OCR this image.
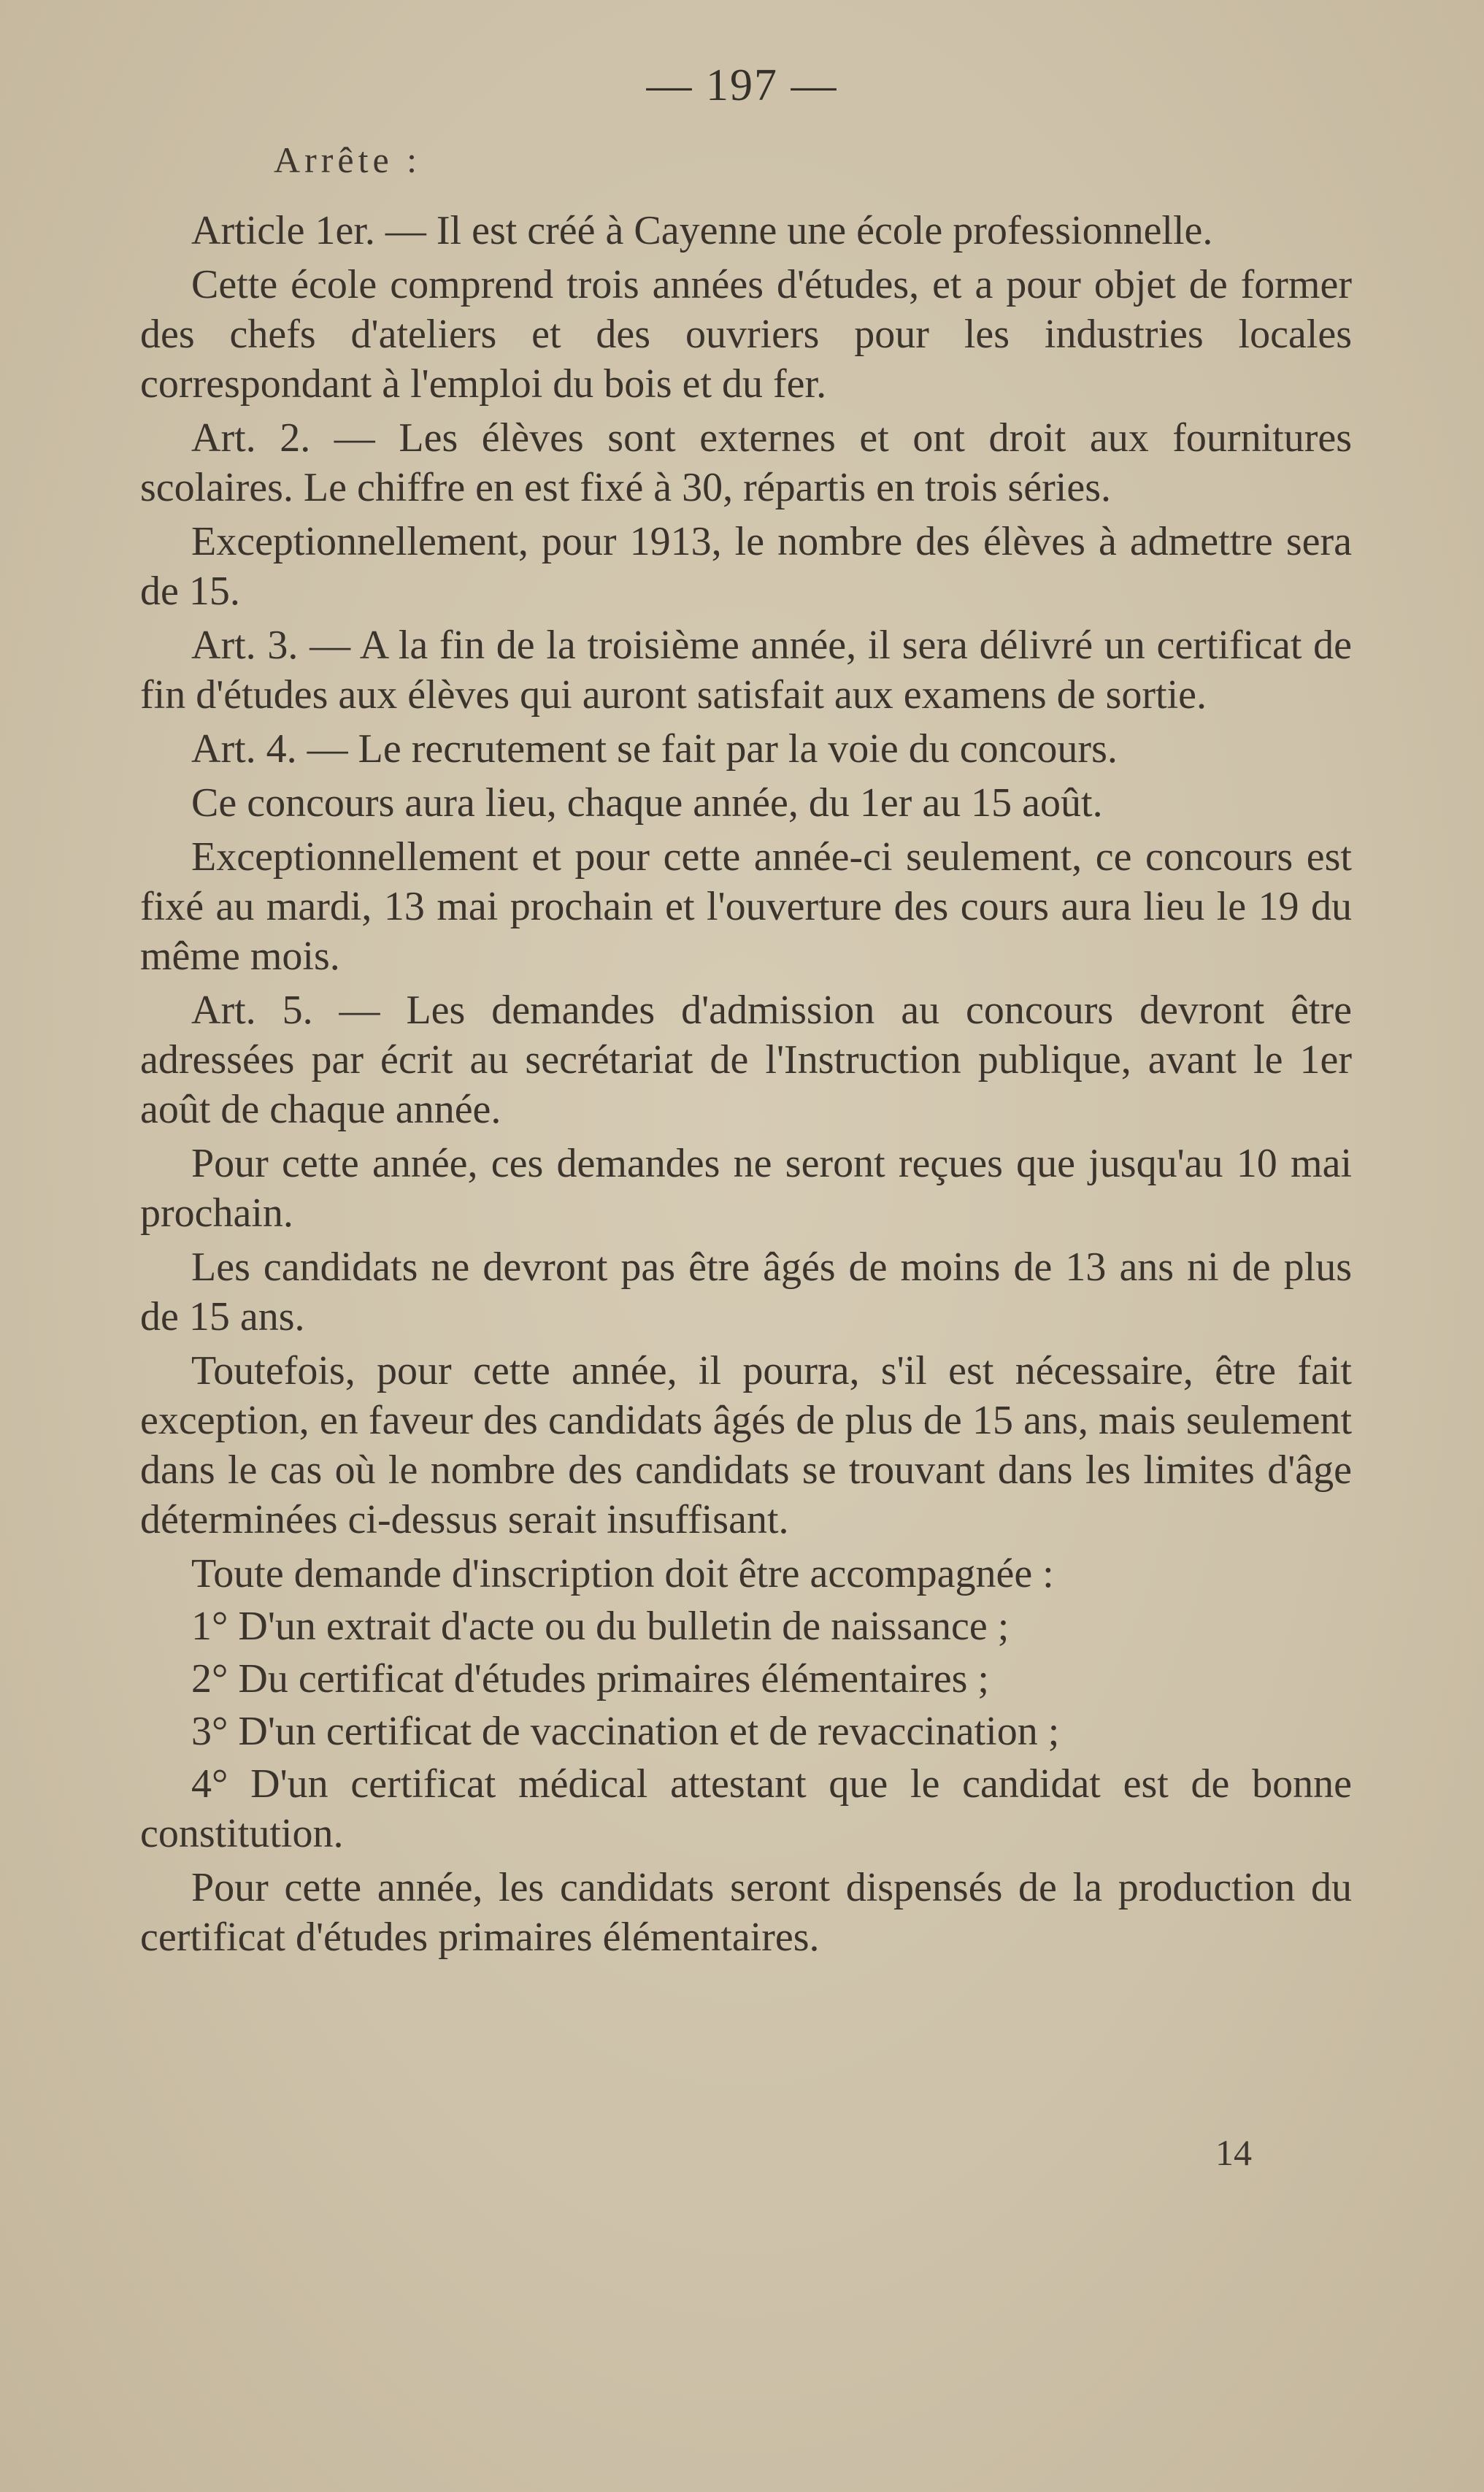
— 197 —
Arrête :

Article 1er. — Il est créé à Cayenne une école professionnelle.

Cette école comprend trois années d'études, et a pour objet de former des chefs d'ateliers et des ouvriers pour les industries locales correspondant à l'emploi du bois et du fer.

Art. 2. — Les élèves sont externes et ont droit aux fournitures scolaires. Le chiffre en est fixé à 30, répartis en trois séries.

Exceptionnellement, pour 1913, le nombre des élèves à admettre sera de 15.

Art. 3. — A la fin de la troisième année, il sera délivré un certificat de fin d'études aux élèves qui auront satisfait aux examens de sortie.

Art. 4. — Le recrutement se fait par la voie du concours.

Ce concours aura lieu, chaque année, du 1er au 15 août.

Exceptionnellement et pour cette année-ci seulement, ce concours est fixé au mardi, 13 mai prochain et l'ouverture des cours aura lieu le 19 du même mois.

Art. 5. — Les demandes d'admission au concours devront être adressées par écrit au secrétariat de l'Instruction publique, avant le 1er août de chaque année.

Pour cette année, ces demandes ne seront reçues que jusqu'au 10 mai prochain.

Les candidats ne devront pas être âgés de moins de 13 ans ni de plus de 15 ans.

Toutefois, pour cette année, il pourra, s'il est nécessaire, être fait exception, en faveur des candidats âgés de plus de 15 ans, mais seulement dans le cas où le nombre des candidats se trouvant dans les limites d'âge déterminées ci-dessus serait insuffisant.

Toute demande d'inscription doit être accompagnée :

1° D'un extrait d'acte ou du bulletin de naissance ;

2° Du certificat d'études primaires élémentaires ;

3° D'un certificat de vaccination et de revaccination ;

4° D'un certificat médical attestant que le candidat est de bonne constitution.

Pour cette année, les candidats seront dispensés de la production du certificat d'études primaires élémentaires.

14
